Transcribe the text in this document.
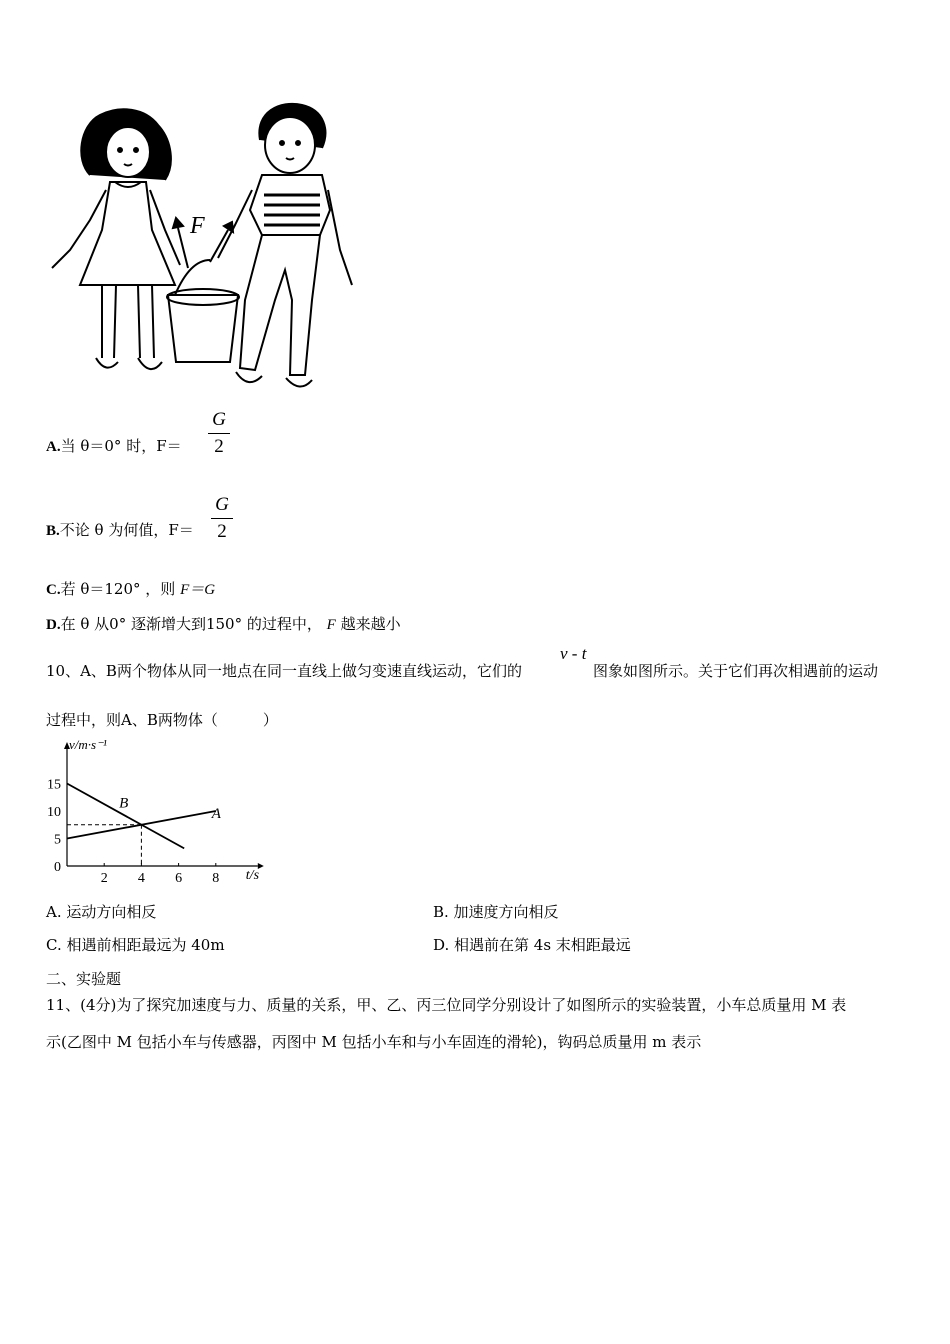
F
A.当 θ＝0° 时，F＝
G
2
B.不论 θ 为何值，F＝
G
2
C.若 θ＝120° ，则 F＝G
D.在 θ 从0° 逐渐增大到150° 的过程中， F 越来越小
10、A、B两个物体从同一地点在同一直线上做匀变速直线运动，它们的
v - t
图象如图所示。关于它们再次相遇前的运动
过程中，则A、B两物体（　　　）
2 4 6 8
0
5
10
15
v/m·s⁻¹
t/s
A
B
A. 运动方向相反	B. 加速度方向相反
C. 相遇前相距最远为 40m	D. 相遇前在第 4s 末相距最远
二、实验题
11、(4分)为了探究加速度与力、质量的关系，甲、乙、丙三位同学分别设计了如图所示的实验装置，小车总质量用 M 表
示(乙图中 M 包括小车与传感器，丙图中 M 包括小车和与小车固连的滑轮)，钩码总质量用 m 表示
